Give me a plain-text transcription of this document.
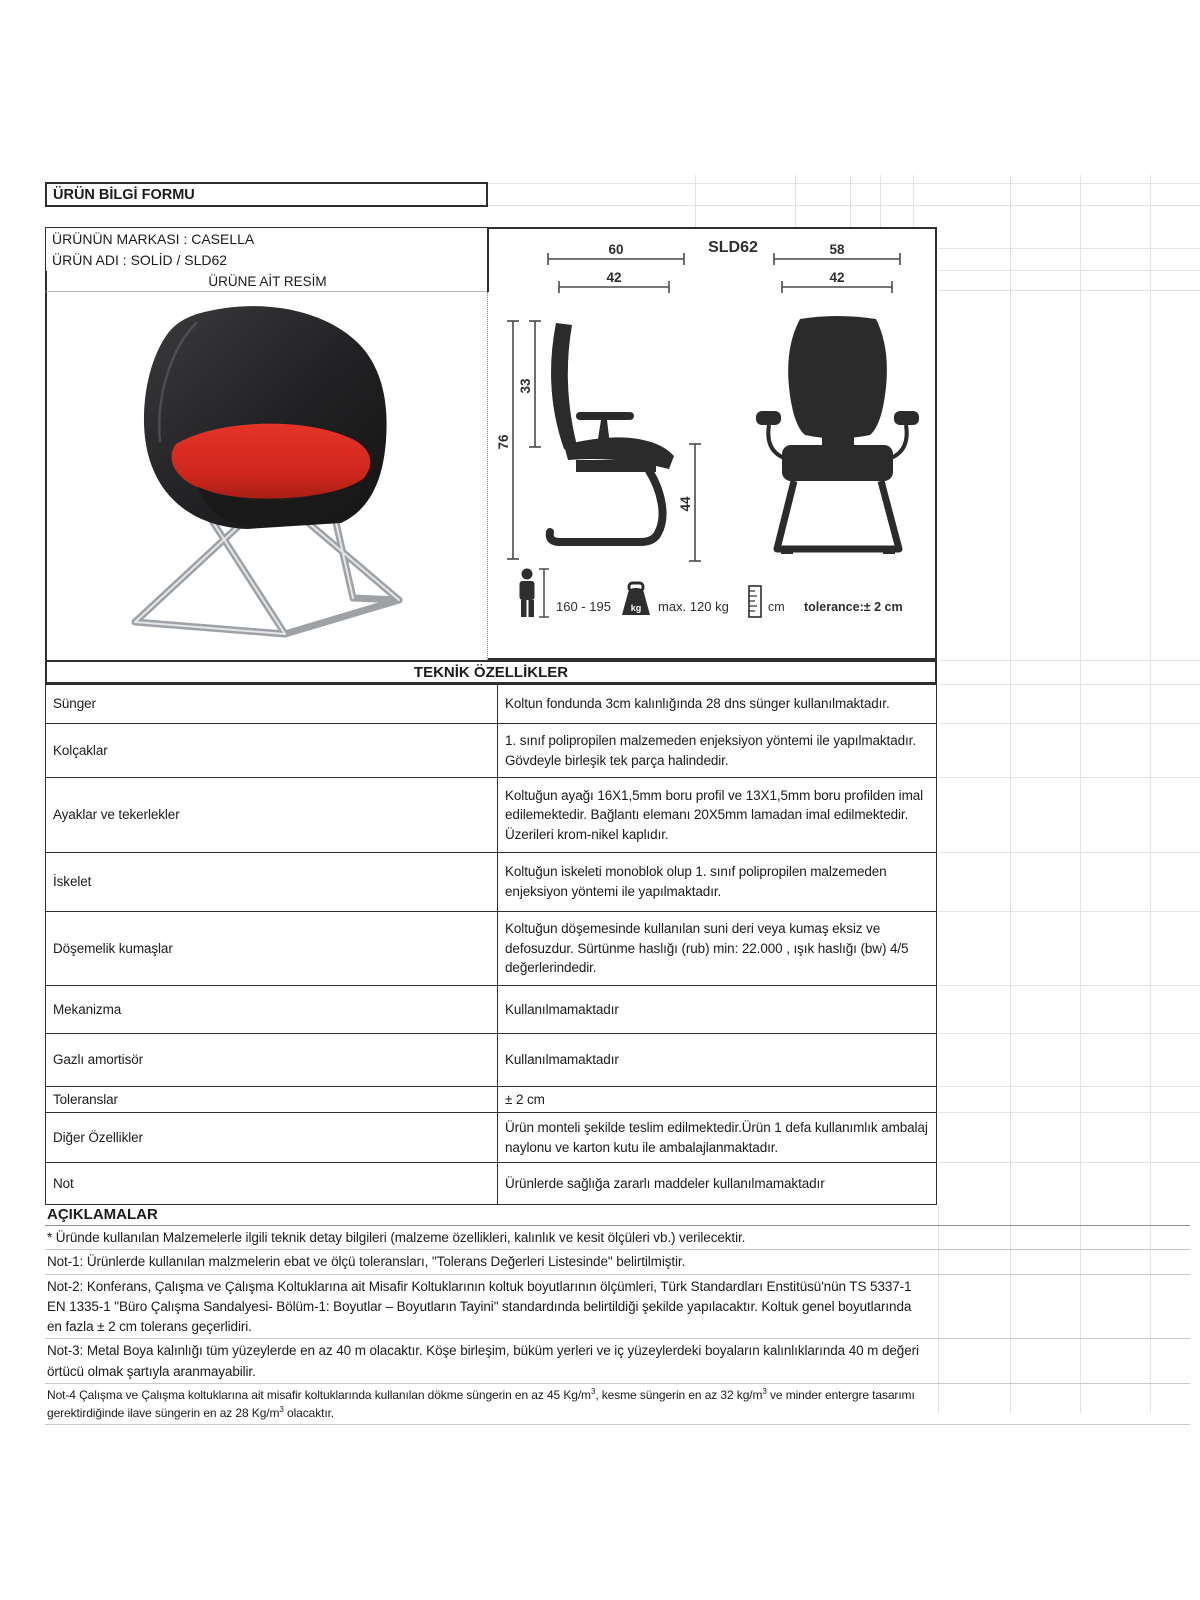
ÜRÜN BİLGİ FORMU
ÜRÜNÜN MARKASI : CASELLA
ÜRÜN ADI : SOLİD / SLD62
ÜRÜNE AİT RESİM
SLD62
60
42
58
42
76
33
44
160 - 195 kg max. 120 kg	cm tolerance:± 2 cm
TEKNİK ÖZELLİKLER
Sünger	Koltun fondunda 3cm kalınlığında 28 dns sünger kullanılmaktadır.
Kolçaklar	1. sınıf polipropilen malzemeden enjeksiyon yöntemi ile yapılmaktadır. Gövdeyle birleşik tek parça halindedir.
Ayaklar ve tekerlekler	Koltuğun ayağı 16X1,5mm boru profil ve 13X1,5mm boru profilden imal edilemektedir. Bağlantı elemanı 20X5mm lamadan imal edilmektedir. Üzerileri krom-nikel kaplıdır.
İskelet	Koltuğun iskeleti monoblok olup 1. sınıf polipropilen malzemeden enjeksiyon yöntemi ile yapılmaktadır.
Döşemelik kumaşlar	Koltuğun döşemesinde kullanılan suni deri veya kumaş eksiz ve defosuzdur. Sürtünme haslığı (rub) min: 22.000 , ışık haslığı (bw) 4/5 değerlerindedir.
Mekanizma	Kullanılmamaktadır
Gazlı amortisör	Kullanılmamaktadır
Toleranslar	± 2 cm
Diğer Özellikler	Ürün monteli şekilde teslim edilmektedir.Ürün 1 defa kullanımlık ambalaj naylonu ve karton kutu ile ambalajlanmaktadır.
Not	Ürünlerde sağlığa zararlı maddeler kullanılmamaktadır
AÇIKLAMALAR
* Üründe kullanılan Malzemelerle ilgili teknik detay bilgileri (malzeme özellikleri, kalınlık ve kesit ölçüleri vb.) verilecektir.
Not-1: Ürünlerde kullanılan malzmelerin ebat ve ölçü toleransları, "Tolerans Değerleri Listesinde" belirtilmiştir.
Not-2: Konferans, Çalışma ve Çalışma Koltuklarına ait Misafir Koltuklarının koltuk boyutlarının ölçümleri, Türk Standardları Enstitüsü'nün TS 5337-1 EN 1335-1 "Büro Çalışma Sandalyesi- Bölüm-1: Boyutlar – Boyutların Tayini" standardında belirtildiği şekilde yapılacaktır. Koltuk genel boyutlarında en fazla ± 2 cm tolerans geçerlidiri.
Not-3: Metal Boya kalınlığı tüm yüzeylerde en az 40 m olacaktır. Köşe birleşim, büküm yerleri ve iç yüzeylerdeki boyaların kalınlıklarında 40 m değeri örtücü olmak şartıyla aranmayabilir.
Not-4 Çalışma ve Çalışma koltuklarına ait misafir koltuklarında kullanılan dökme süngerin en az 45 $Kg/m^3$, kesme süngerin en az 32 $kg/m^3$ ve minder entergre tasarımı gerektirdiğinde ilave süngerin en az 28 $Kg/m^3$ olacaktır.
